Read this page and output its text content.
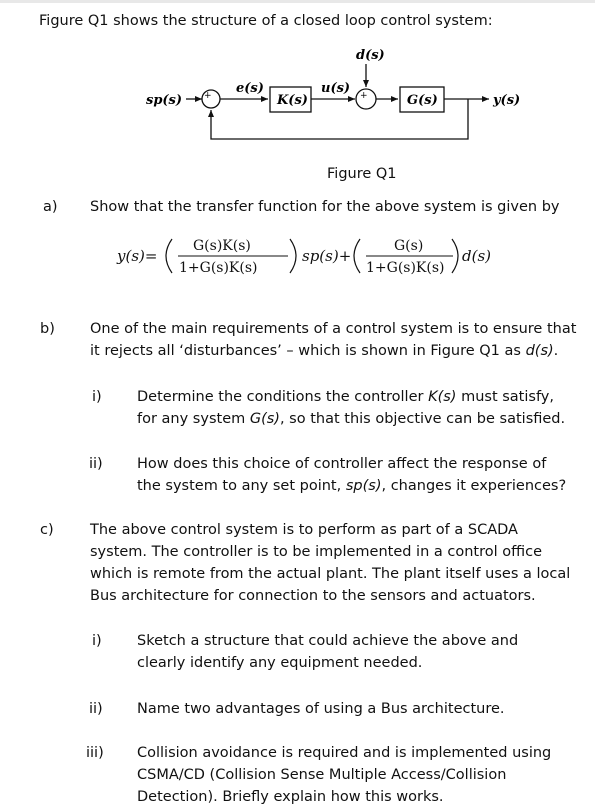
Figure Q1 shows the structure of a closed loop control system:
d(s)
sp(s)
e(s)
K(s)
u(s)
G(s)	y(s)
+	+
Figure Q1
a) Show that the transfer function for the above system is given by
y(s)=
G(s)K(s)
1+G(s)K(s)
sp(s)+
G(s)
1+G(s)K(s)
d(s)
b) One of the main requirements of a control system is to ensure that
it rejects all ‘disturbances’ – which is shown in Figure Q1 as d(s).
i) Determine the conditions the controller K(s) must satisfy,
for any system G(s), so that this objective can be satisfied.
ii) How does this choice of controller affect the response of
the system to any set point, sp(s), changes it experiences?
c)	The above control system is to perform as part of a SCADA
system. The controller is to be implemented in a control office
which is remote from the actual plant. The plant itself uses a local
Bus architecture for connection to the sensors and actuators.
i) Sketch a structure that could achieve the above and
clearly identify any equipment needed.
ii) Name two advantages of using a Bus architecture.
iii) Collision avoidance is required and is implemented using
CSMA/CD (Collision Sense Multiple Access/Collision
Detection). Briefly explain how this works.
